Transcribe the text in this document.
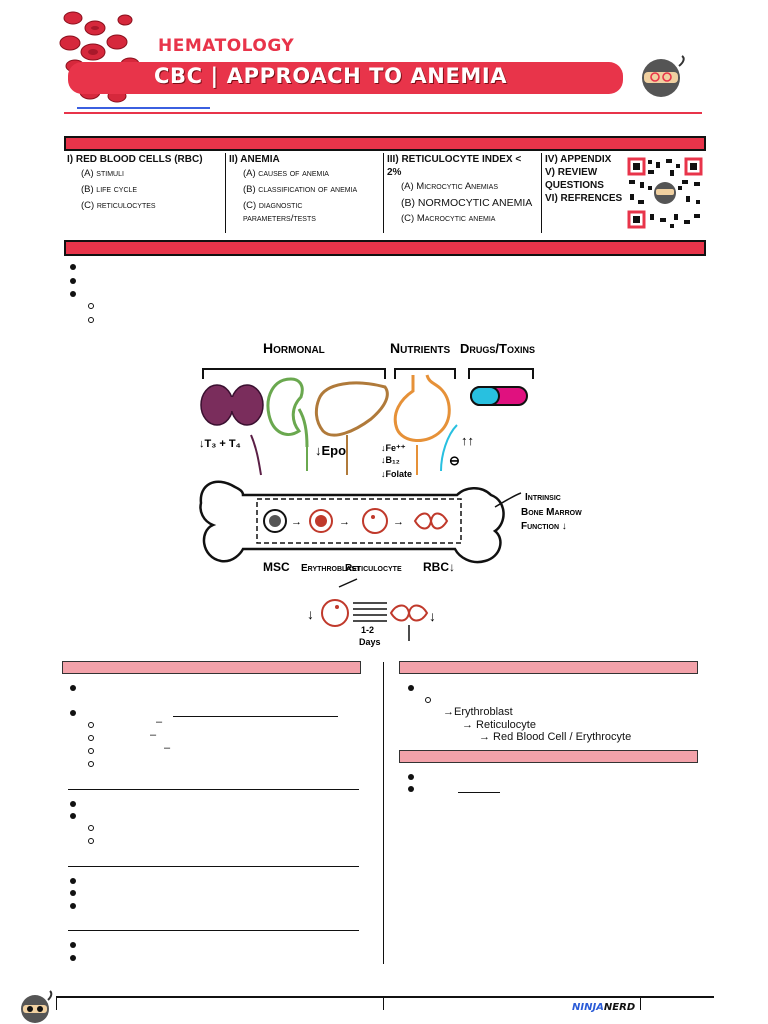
HEMATOLOGY
CBC | APPROACH TO ANEMIA
I) RED BLOOD CELLS (RBC)
(A) stimuli
(B) life cycle
(C) reticulocytes
II) ANEMIA
(A) causes of anemia
(B) classification of anemia
(C) diagnostic
parameters/tests
III) RETICULOCYTE INDEX < 2%
(A) Microcytic Anemias
(B) NORMOCYTIC ANEMIA
(C) Macrocytic anemia
IV) APPENDIX
V) REVIEW
QUESTIONS
VI) REFRENCES
Hormonal	Nutrients Drugs/Toxins
↓T₃ + T₄	↓Epo	↓Fe⁺⁺
↓B₁₂
↓Folate
↑↑
⊖
→	→	→
MSC Erythroblast
Reticulocyte RBC↓
Intrinsic
Bone Marrow
Function ↓
↓
1-2
Days
↓
–
–
–
→Erythroblast
→ Reticulocyte
→ Red Blood Cell / Erythrocyte
NINJANERD
